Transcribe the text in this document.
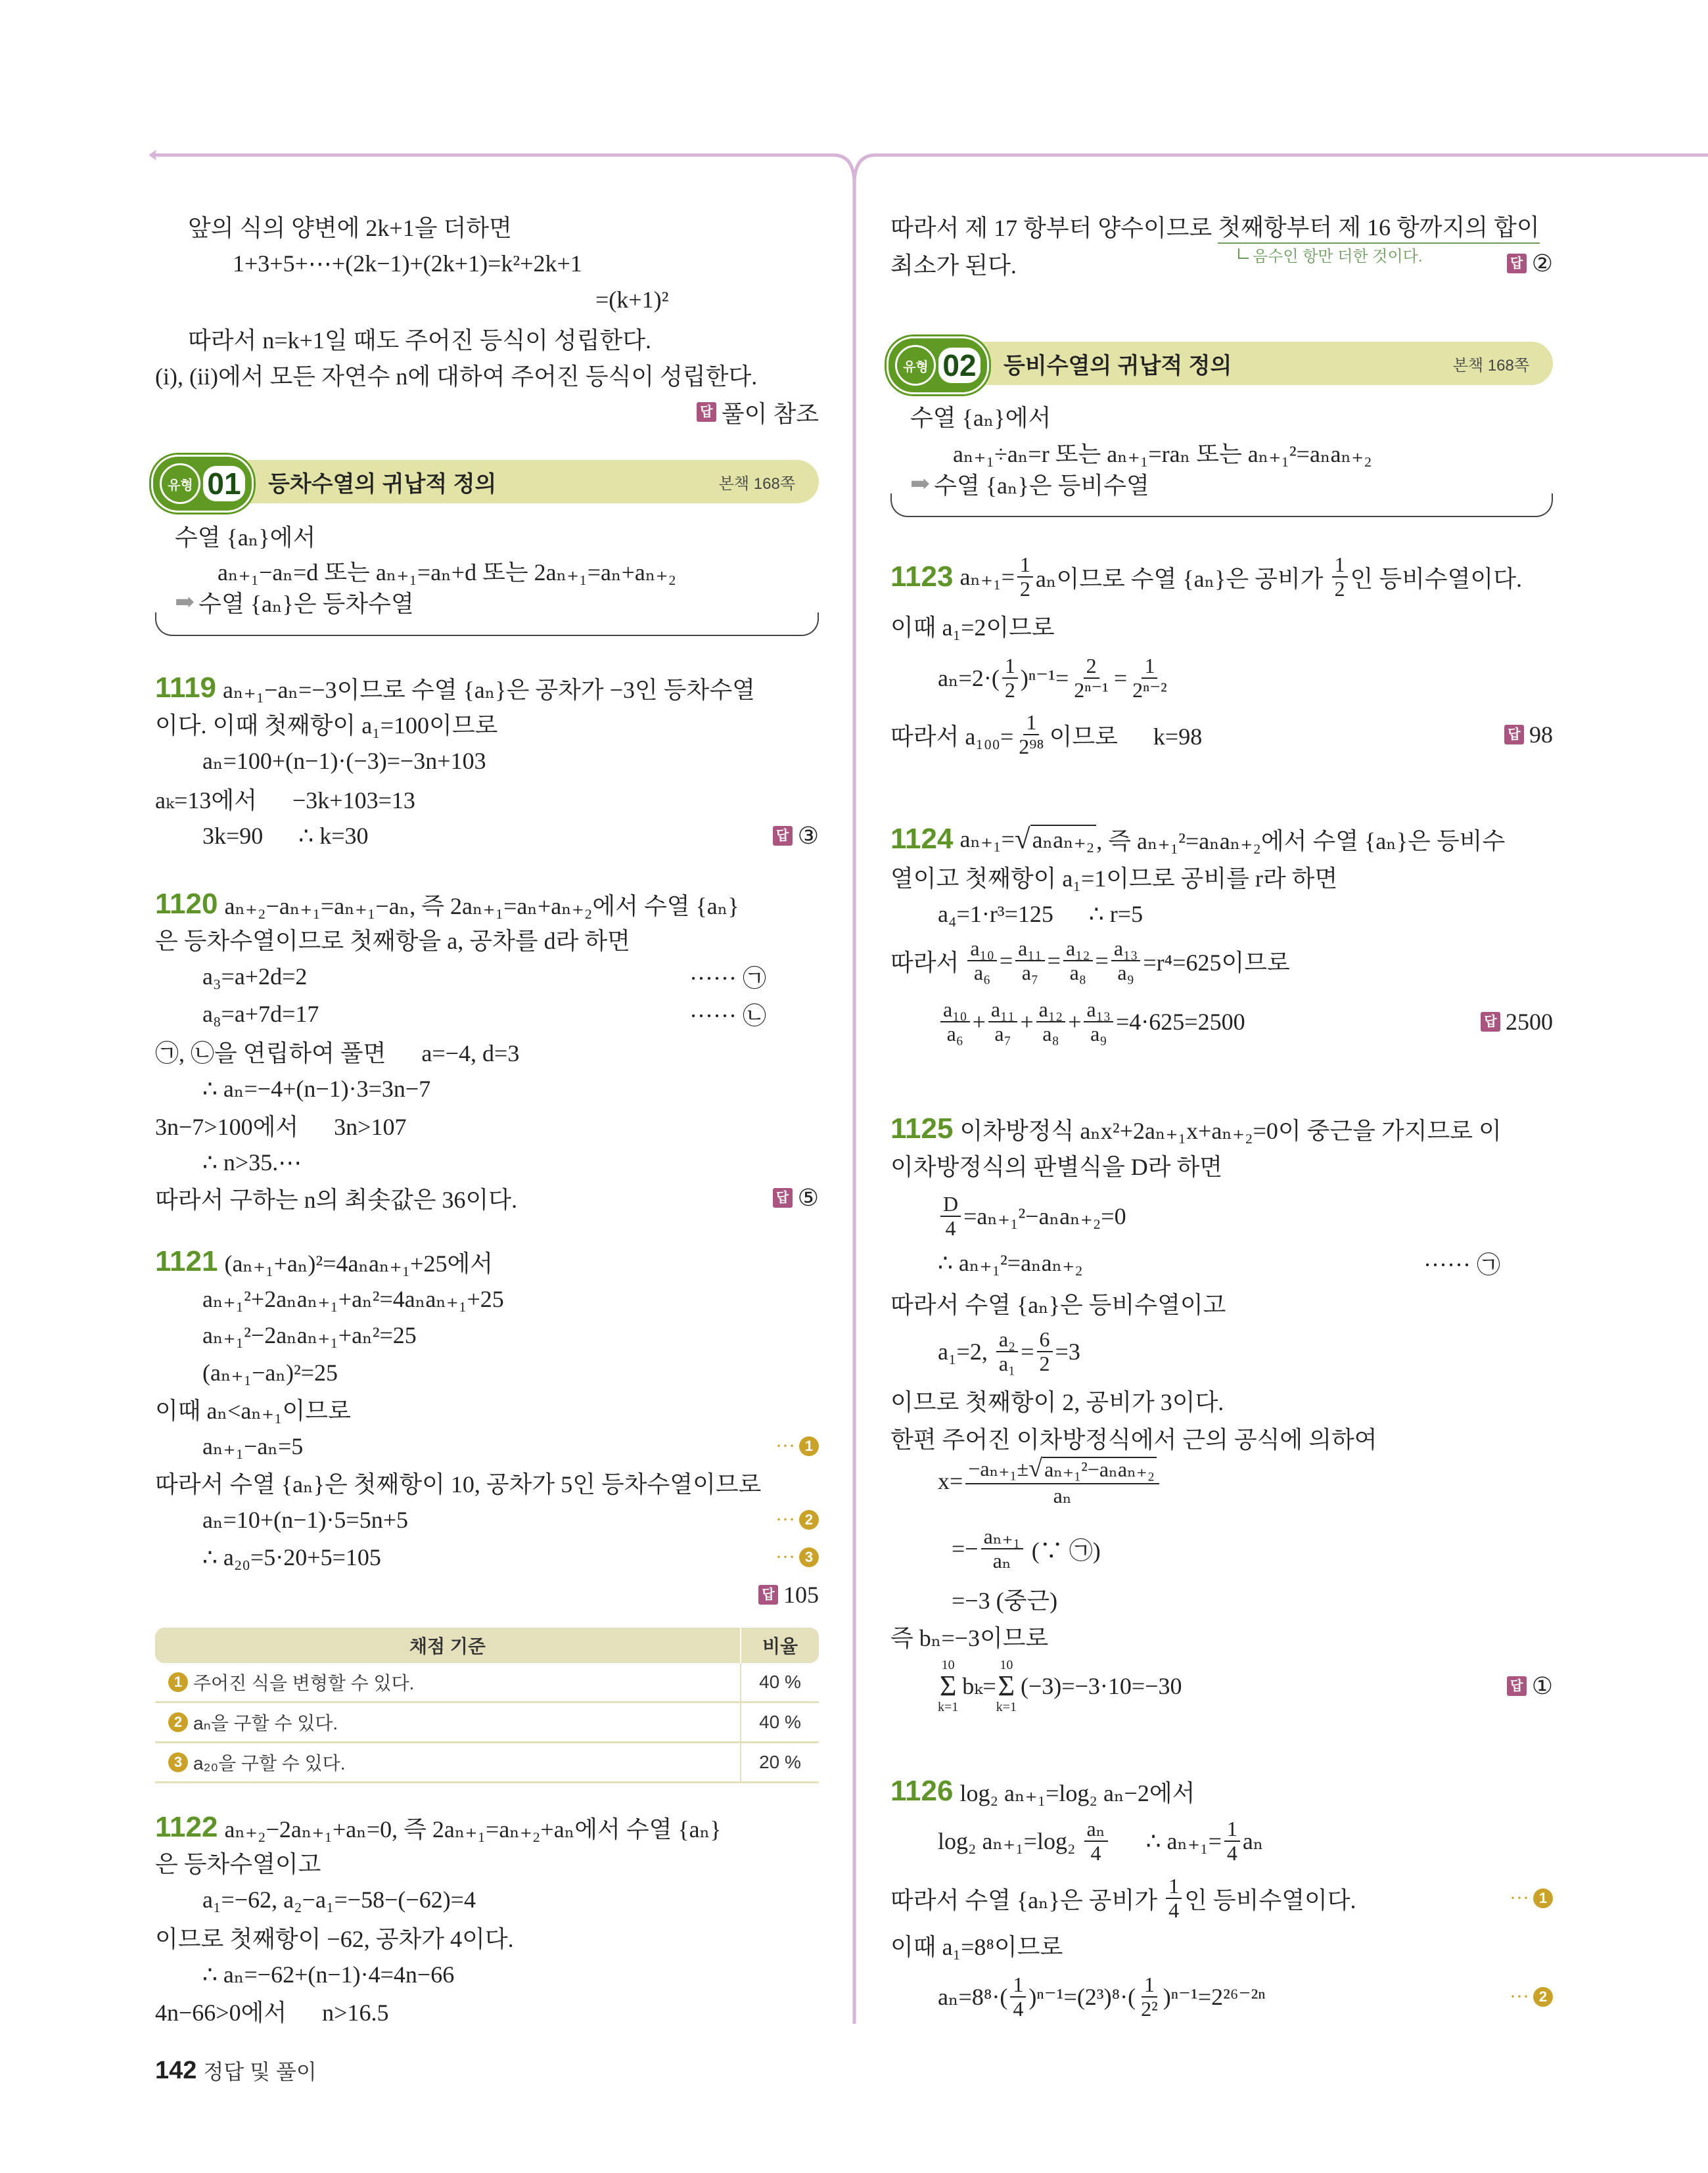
유형 01 등차수열의 귀납적 정의	본책 168쪽
유형 02 등비수열의 귀납적 정의	본책 168쪽
음수인 항만 더한 것이다.
채점 기준	비율

1 주어진 식을 변형할 수 있다.	40 %

2 aₙ을 구할 수 있다.	40 %

3 a₂₀을 구할 수 있다.	20 %
142 정답 및 풀이
앞의 식의 양변에 2k+1을 더하면
1+3+5+⋯+(2k−1)+(2k+1)=k²+2k+1
=(k+1)²
따라서 n=k+1일 때도 주어진 등식이 성립한다.
(i), (ii)에서 모든 자연수 n에 대하여 주어진 등식이 성립한다.
답 풀이 참조
수열 {aₙ}에서
aₙ₊₁−aₙ=d 또는 aₙ₊₁=aₙ+d 또는 2aₙ₊₁=aₙ+aₙ₊₂
➡ 수열 {aₙ}은 등차수열
1119 aₙ₊₁−aₙ=−3이므로 수열 {aₙ}은 공차가 −3인 등차수열
이다. 이때 첫째항이 a₁=100이므로
aₙ=100+(n−1)·(−3)=−3n+103
aₖ=13에서      −3k+103=13
3k=90      ∴ k=30	답 ③
1120 aₙ₊₂−aₙ₊₁=aₙ₊₁−aₙ, 즉 2aₙ₊₁=aₙ+aₙ₊₂에서 수열 {aₙ}
은 등차수열이므로 첫째항을 a, 공차를 d라 하면
a₃=a+2d=2	······ ㉠
a₈=a+7d=17	······ ㉡
㉠, ㉡을 연립하여 풀면      a=−4, d=3
∴ aₙ=−4+(n−1)·3=3n−7
3n−7>100에서      3n>107
∴ n>35.⋯
따라서 구하는 n의 최솟값은 36이다.	답 ⑤
1121 (aₙ₊₁+aₙ)²=4aₙaₙ₊₁+25에서
aₙ₊₁²+2aₙaₙ₊₁+aₙ²=4aₙaₙ₊₁+25
aₙ₊₁²−2aₙaₙ₊₁+aₙ²=25
(aₙ₊₁−aₙ)²=25
이때 aₙ<aₙ₊₁이므로
aₙ₊₁−aₙ=5	··· 1
따라서 수열 {aₙ}은 첫째항이 10, 공차가 5인 등차수열이므로
aₙ=10+(n−1)·5=5n+5	··· 2
∴ a₂₀=5·20+5=105	··· 3
답 105
1122 aₙ₊₂−2aₙ₊₁+aₙ=0, 즉 2aₙ₊₁=aₙ₊₂+aₙ에서 수열 {aₙ}
은 등차수열이고
a₁=−62, a₂−a₁=−58−(−62)=4
이므로 첫째항이 −62, 공차가 4이다.
∴ aₙ=−62+(n−1)·4=4n−66
4n−66>0에서      n>16.5
따라서 제 17 항부터 양수이므로 첫째항부터 제 16 항까지의 합이
최소가 된다.	답 ②
수열 {aₙ}에서
aₙ₊₁÷aₙ=r 또는 aₙ₊₁=raₙ 또는 aₙ₊₁²=aₙaₙ₊₂
➡ 수열 {aₙ}은 등비수열
1123 $a_{n+1}= \frac{1}{2}$ aₙ이므로 수열 {aₙ}은 공비가 $\frac{1}{2}$ 인 등비수열이다.
이때 a₁=2이므로
$a_n=2\cdot( \frac{1}{2} )^{n-1}= \frac{2}{\text{2ⁿ⁻¹}} = \frac{1}{\text{2ⁿ⁻²}}$
따라서 $a_{100}= \frac{1}{\text{2⁹⁸}}$ 이므로      k=98	답 98
1124 aₙ₊₁= √ aₙaₙ₊₂ , 즉 aₙ₊₁²=aₙaₙ₊₂에서 수열 {aₙ}은 등비수
열이고 첫째항이 a₁=1이므로 공비를 r라 하면
a₄=1·r³=125      ∴ r=5
따라서 $\frac{\text{a₁₀}}{\text{a₆}} = \frac{\text{a₁₁}}{\text{a₇}} = \frac{\text{a₁₂}}{\text{a₈}} = \frac{\text{a₁₃}}{\text{a₉}} =r^4=625$이므로
$\frac{\text{a₁₀}}{\text{a₆}} + \frac{\text{a₁₁}}{\text{a₇}} + \frac{\text{a₁₂}}{\text{a₈}} + \frac{\text{a₁₃}}{\text{a₉}} =4\cdot 625=2500$	답 2500
1125 이차방정식 aₙx²+2aₙ₊₁x+aₙ₊₂=0이 중근을 가지므로 이
이차방정식의 판별식을 D라 하면
$\frac{D}{4} =a_{n+1}^2-a_na_{n+2}=0$
∴ aₙ₊₁²=aₙaₙ₊₂	······ ㉠
따라서 수열 {aₙ}은 등비수열이고
a₁=2, $\frac{\text{a₂}}{\text{a₁}} = \frac{6}{2} =3$
이므로 첫째항이 2, 공비가 3이다.
한편 주어진 이차방정식에서 근의 공식에 의하여
$x= \frac{\text{−aₙ₊₁± √ aₙ₊₁²−aₙaₙ₊₂}}{\text{aₙ}}$
=− $\frac{\text{aₙ₊₁}}{\text{aₙ}}$ (∵ ㉠)
=−3 (중근)
즉 bₙ=−3이므로
10
Σ
k=1
bₖ=
10
Σ
k=1
(−3)=−3·10=−30	답 ①
1126 log₂ aₙ₊₁=log₂ aₙ−2에서
log₂ $a_{n+1}=\log_2 \frac{\text{aₙ}}{4}$ ∴ $a_{n+1}= \frac{1}{4}$ aₙ
따라서 수열 {aₙ}은 공비가 $\frac{1}{4}$ 인 등비수열이다.	··· 1
이때 a₁=8⁸이므로
$a_n=8^8\cdot( \frac{1}{4} )^{n-1}=(2^3)^8\cdot( \frac{1}{\text{2²}} )^{n-1}=2^{26-2n}$	··· 2
